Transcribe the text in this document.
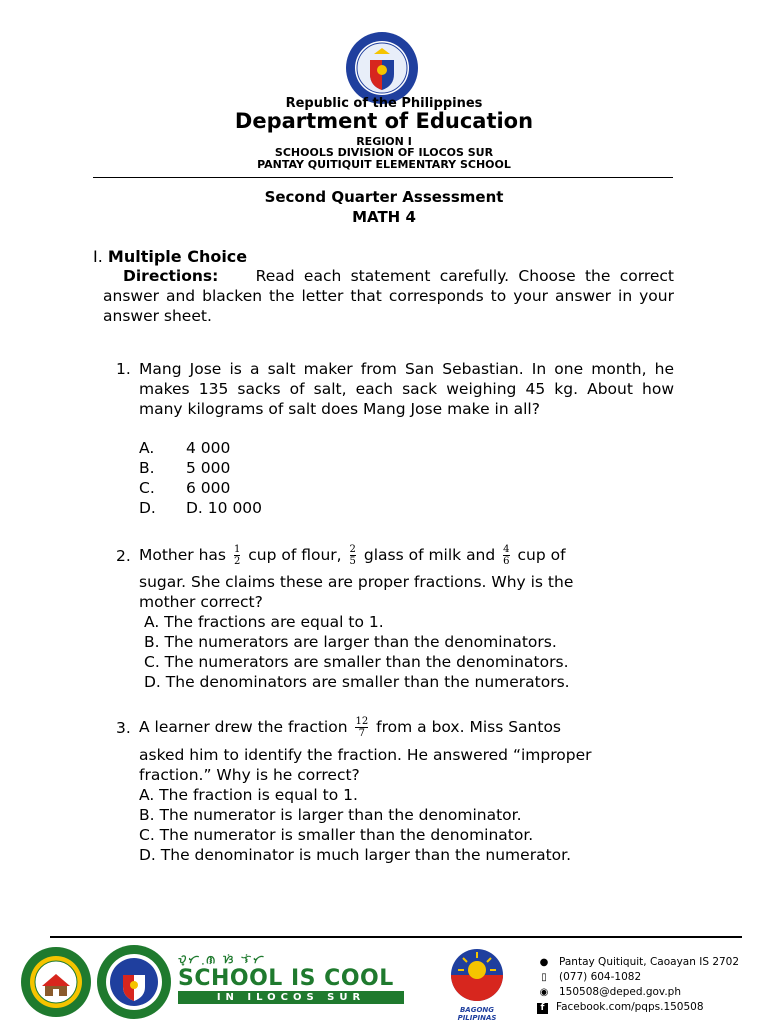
Republic of the Philippines
Department of Education
REGION I
SCHOOLS DIVISION OF ILOCOS SUR
PANTAY QUITIQUIT ELEMENTARY SCHOOL
Second Quarter Assessment
MATH 4
I. Multiple Choice
Directions: Read each statement carefully. Choose the correct answer and blacken the letter that corresponds to your answer in your answer sheet.
1. Mang Jose is a salt maker from San Sebastian. In one month, he makes 135 sacks of salt, each sack weighing 45 kg. About how many kilograms of salt does Mang Jose make in all?
A. 4 000
B. 5 000
C. 6 000
D. D. 10 000
2. Mother has $\frac{1}{2}$ cup of flour, $\frac{2}{5}$ glass of milk and $\frac{4}{6}$ cup of
sugar. She claims these are proper fractions. Why is the
mother correct?
A. The fractions are equal to 1.
B. The numerators are larger than the denominators.
C. The numerators are smaller than the denominators.
D. The denominators are smaller than the numerators.
3. A learner drew the fraction $\frac{12}{7}$ from a box. Miss Santos
asked him to identify the fraction. He answered “improper
fraction.” Why is he correct?
A. The fraction is equal to 1.
B. The numerator is larger than the denominator.
C. The numerator is smaller than the denominator.
D. The denominator is much larger than the numerator.
ᜏ᜔ᜆ ᜓᜈ ᜐᜒ ᜎᜒᜆ
SCHOOL IS COOL
IN ILOCOS SUR
BAGONG PILIPINAS
● Pantay Quitiquit, Caoayan IS 2702
▯ (077) 604-1082
◉ 150508@deped.gov.ph
f Facebook.com/pqps.150508
